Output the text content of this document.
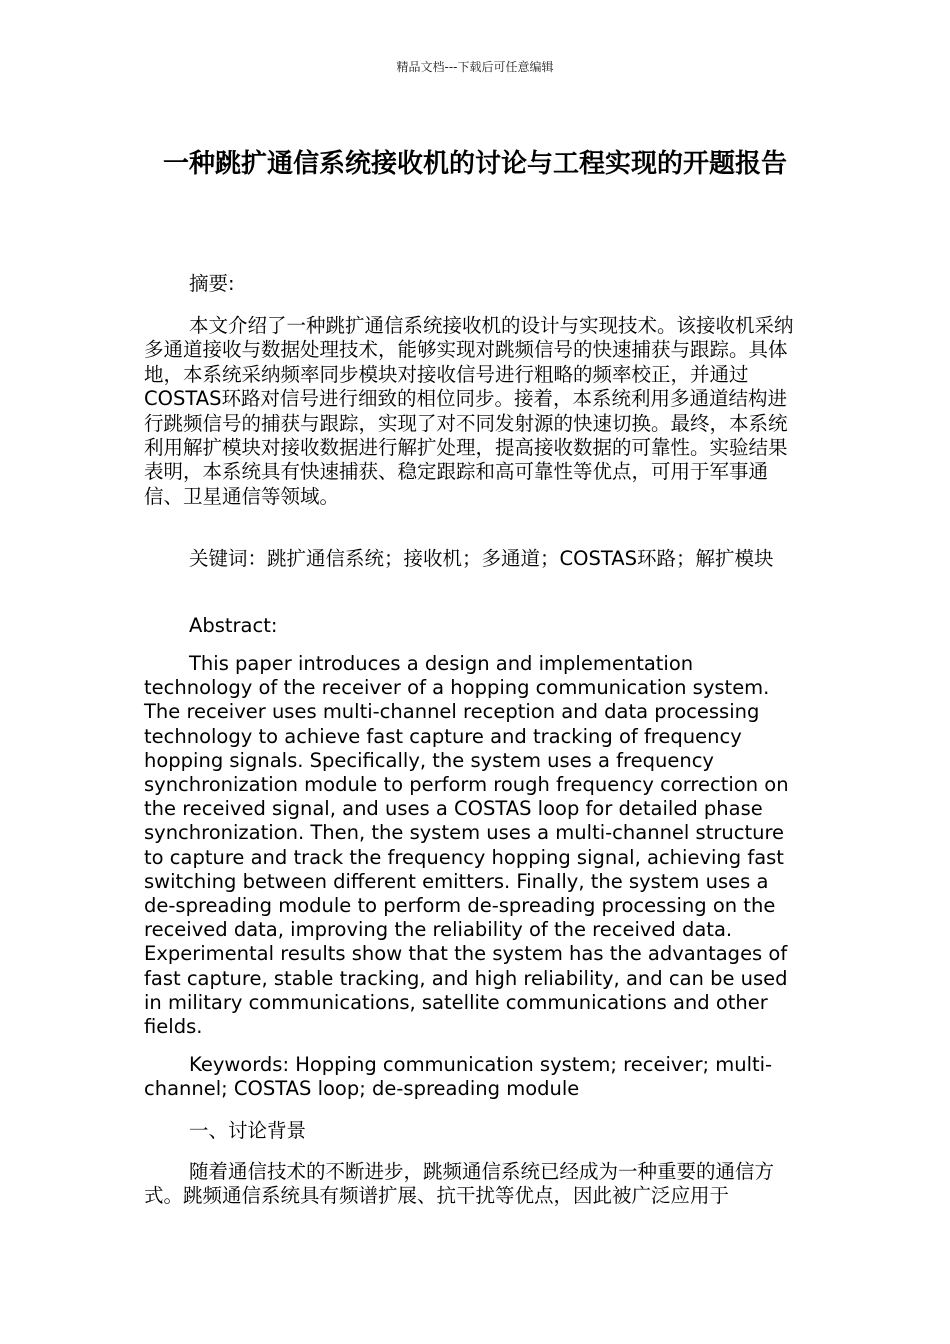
精品文档---下载后可任意编辑
一种跳扩通信系统接收机的讨论与工程实现的开题报告

摘要:

本文介绍了一种跳扩通信系统接收机的设计与实现技术。该接收机采纳多通道接收与数据处理技术，能够实现对跳频信号的快速捕获与跟踪。具体地，本系统采纳频率同步模块对接收信号进行粗略的频率校正，并通过COSTAS环路对信号进行细致的相位同步。接着，本系统利用多通道结构进行跳频信号的捕获与跟踪，实现了对不同发射源的快速切换。最终，本系统利用解扩模块对接收数据进行解扩处理，提高接收数据的可靠性。实验结果表明，本系统具有快速捕获、稳定跟踪和高可靠性等优点，可用于军事通信、卫星通信等领域。

关键词：跳扩通信系统；接收机；多通道；COSTAS环路；解扩模块

Abstract:

This paper introduces a design and implementation technology of the receiver of a hopping communication system. The receiver uses multi-channel reception and data processing technology to achieve fast capture and tracking of frequency hopping signals. Specifically, the system uses a frequency synchronization module to perform rough frequency correction on the received signal, and uses a COSTAS loop for detailed phase synchronization. Then, the system uses a multi-channel structure to capture and track the frequency hopping signal, achieving fast switching between different emitters. Finally, the system uses a de-spreading module to perform de-spreading processing on the received data, improving the reliability of the received data. Experimental results show that the system has the advantages of fast capture, stable tracking, and high reliability, and can be used in military communications, satellite communications and other fields.

Keywords: Hopping communication system; receiver; multi-channel; COSTAS loop; de-spreading module

一、讨论背景

随着通信技术的不断进步，跳频通信系统已经成为一种重要的通信方式。跳频通信系统具有频谱扩展、抗干扰等优点，因此被广泛应用于
